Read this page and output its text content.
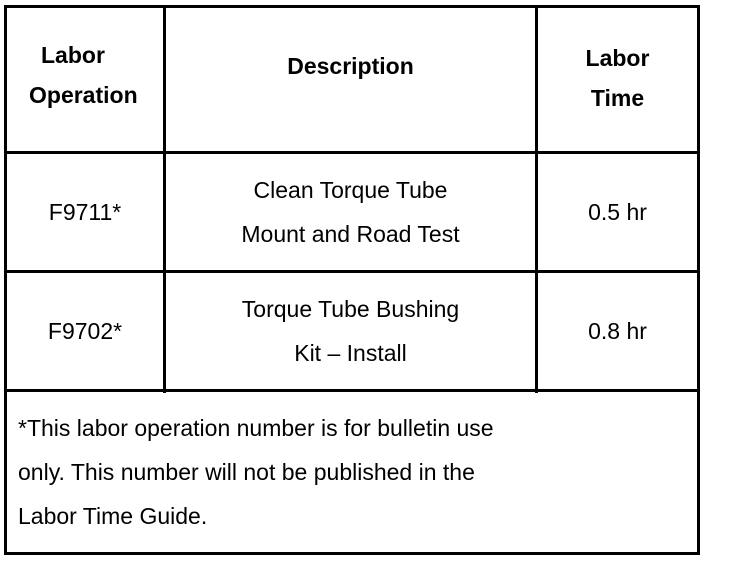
Labor
Operation
Description	Labor
Time
F9711*
Clean Torque Tube
Mount and Road Test
0.5 hr
F9702*
Torque Tube Bushing
Kit – Install
0.8 hr
*This labor operation number is for bulletin use
only. This number will not be published in the
Labor Time Guide.
